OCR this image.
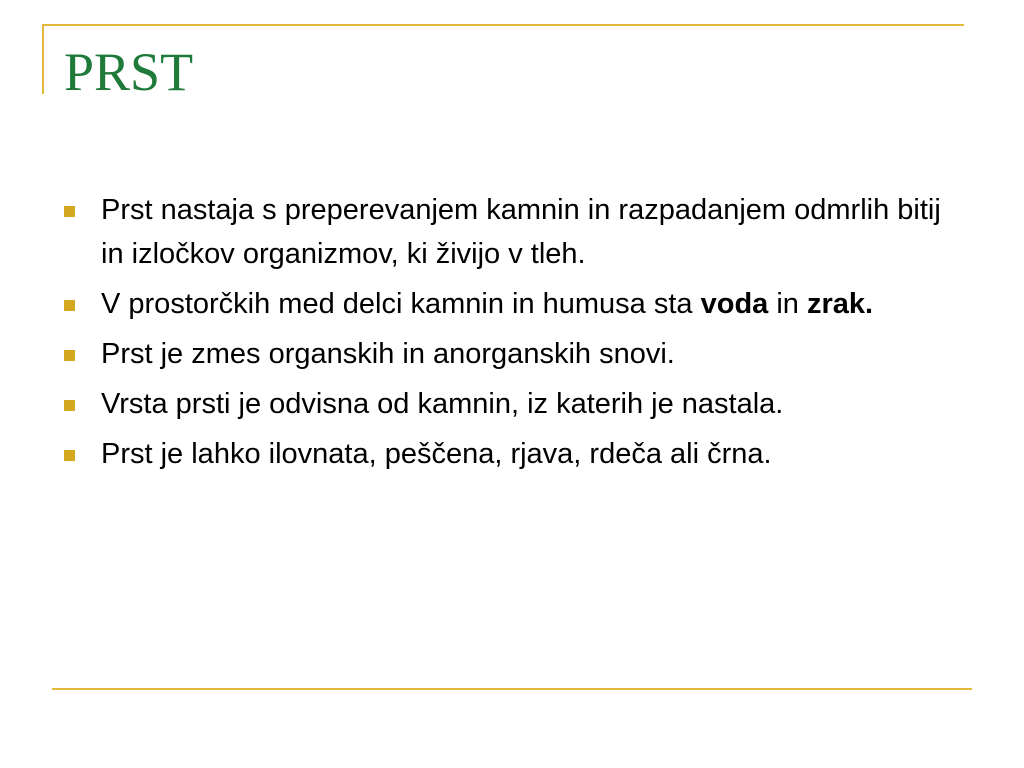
PRST
Prst nastaja s preperevanjem kamnin in razpadanjem odmrlih bitij in izločkov organizmov, ki živijo v tleh.
V prostorčkih med delci kamnin in humusa sta voda in zrak.
Prst je zmes organskih in anorganskih snovi.
Vrsta prsti je odvisna od kamnin, iz katerih je nastala.
Prst je lahko ilovnata, peščena, rjava, rdeča ali črna.
